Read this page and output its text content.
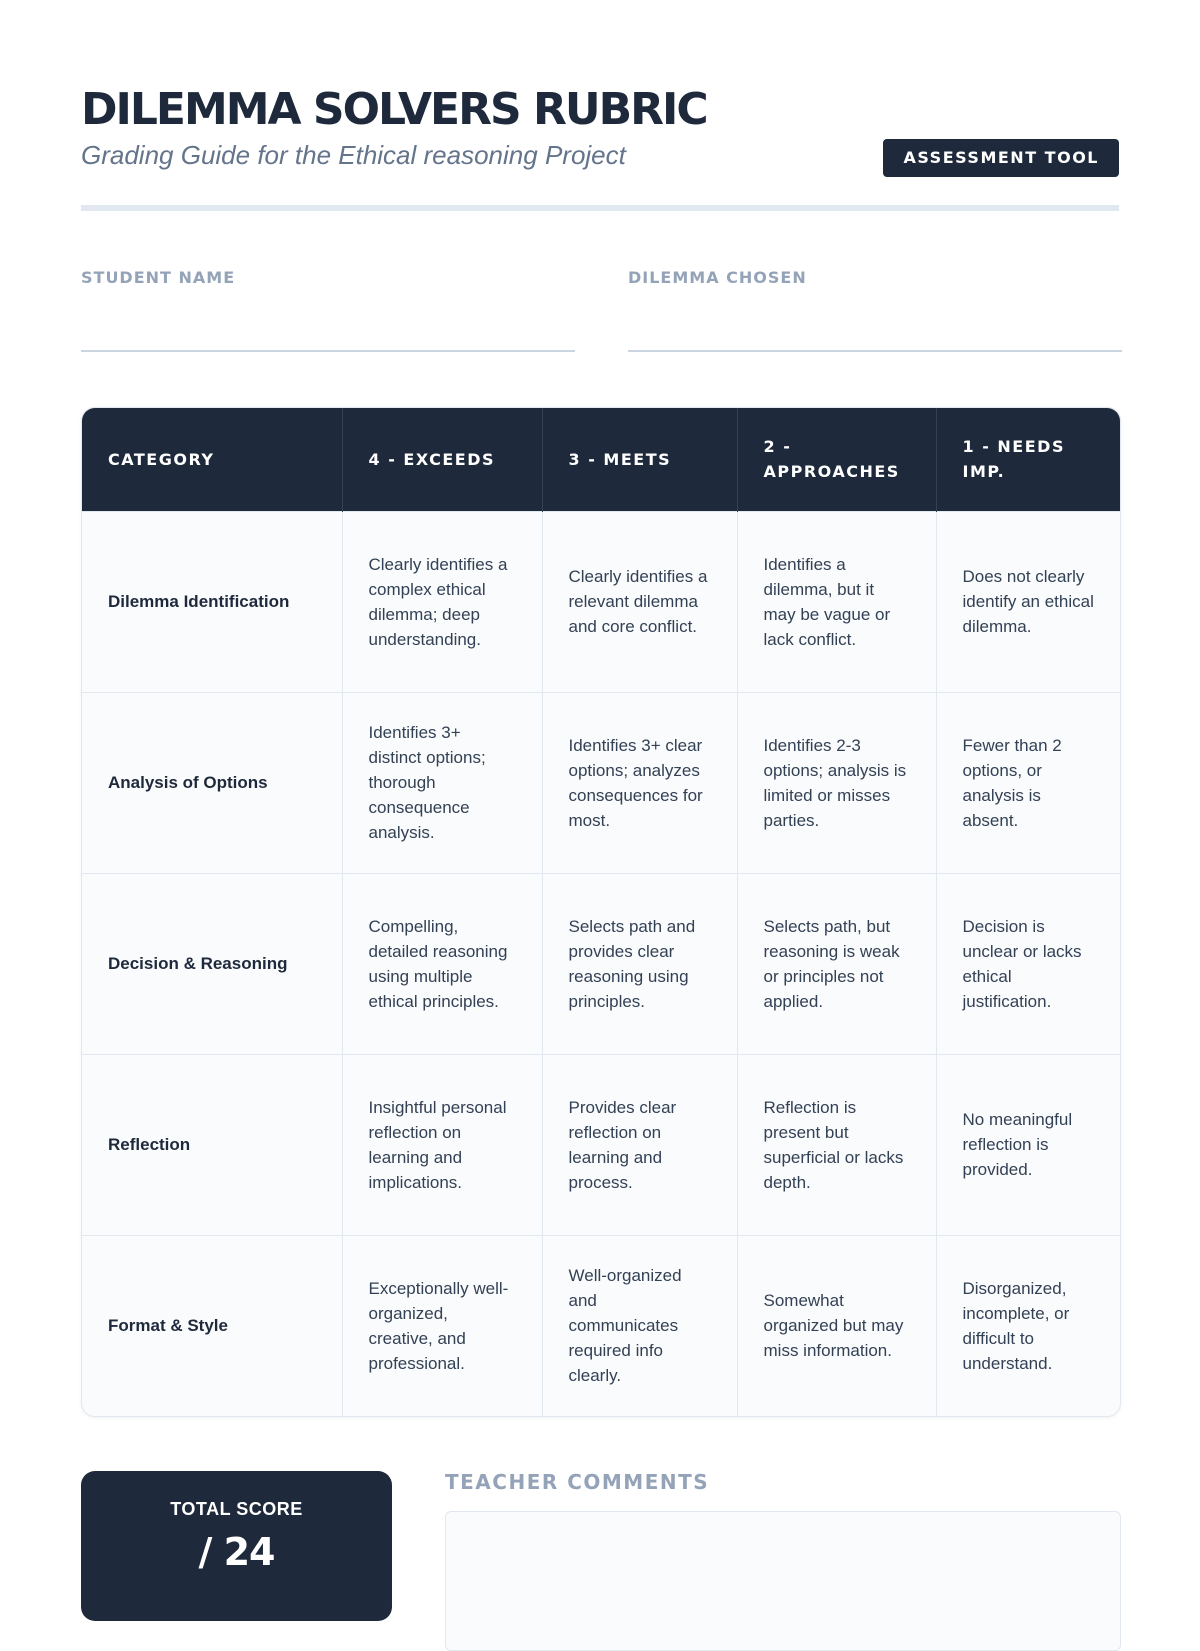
DILEMMA SOLVERS RUBRIC
Grading Guide for the Ethical reasoning Project	ASSESSMENT TOOL
STUDENT NAME	DILEMMA CHOSEN
CATEGORY	4 - EXCEEDS	3 - MEETS	2 - APPROACHES	1 - NEEDS IMP.
Dilemma Identification	Clearly identifies a complex ethical dilemma; deep understanding.	Clearly identifies a relevant dilemma and core conflict.	Identifies a dilemma, but it may be vague or lack conflict.	Does not clearly identify an ethical dilemma.
Analysis of Options	Identifies 3+ distinct options; thorough consequence analysis.	Identifies 3+ clear options; analyzes consequences for most.	Identifies 2-3 options; analysis is limited or misses parties.	Fewer than 2 options, or analysis is absent.
Decision & Reasoning	Compelling, detailed reasoning using multiple ethical principles.	Selects path and provides clear reasoning using principles.	Selects path, but reasoning is weak or principles not applied.	Decision is unclear or lacks ethical justification.
Reflection	Insightful personal reflection on learning and implications.	Provides clear reflection on learning and process.	Reflection is present but superficial or lacks depth.	No meaningful reflection is provided.
Format & Style	Exceptionally well-organized, creative, and professional.	Well-organized and communicates required info clearly.	Somewhat organized but may miss information.	Disorganized, incomplete, or difficult to understand.
TOTAL SCORE
/ 24
TEACHER COMMENTS
